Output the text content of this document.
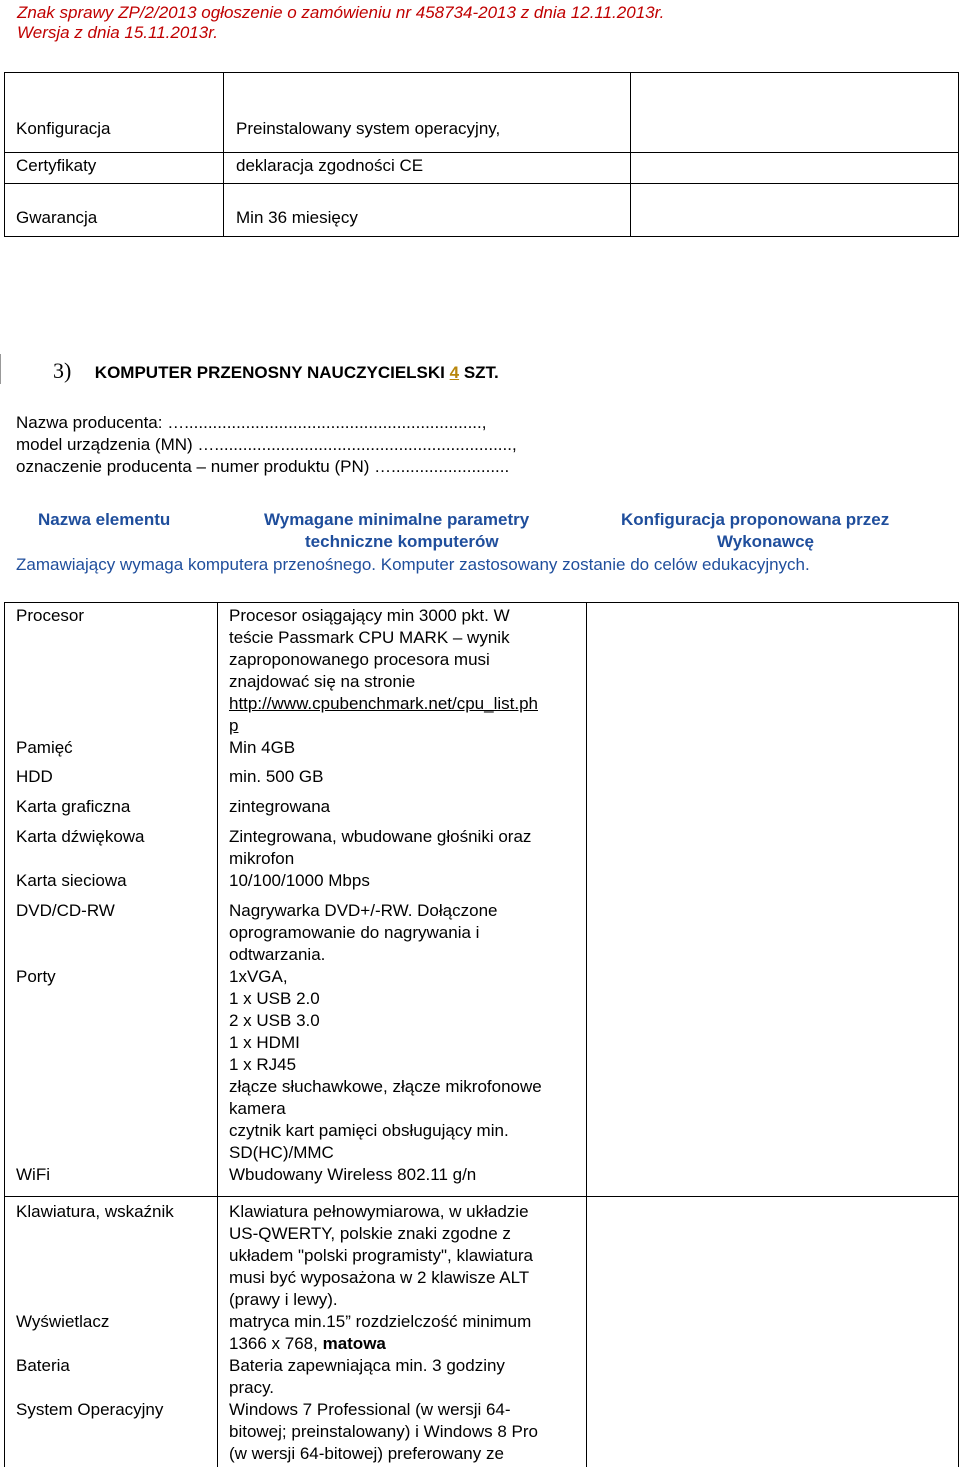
Znak sprawy ZP/2/2013 ogłoszenie o zamówieniu nr 458734-2013 z dnia 12.11.2013r.
Wersja z dnia 15.11.2013r.
Konfiguracja	Preinstalowany system operacyjny,
Certyfikaty	deklaracja zgodności CE
Gwarancja	Min 36 miesięcy
3) KOMPUTER PRZENOSNY NAUCZYCIELSKI 4 SZT.
Nazwa producenta: …...............................................................,
model urządzenia (MN) …...............................................................,
oznaczenie producenta – numer produktu (PN) ….........................
Nazwa elementu	Wymagane minimalne parametry
techniczne komputerów
Konfiguracja proponowana przez
Wykonawcę
Zamawiający wymaga komputera przenośnego. Komputer zastosowany zostanie do celów edukacyjnych.
Procesor	Procesor osiągający min 3000 pkt. W
teście Passmark CPU MARK – wynik
zaproponowanego procesora musi
znajdować się na stronie
http://www.cpubenchmark.net/cpu_list.ph
p
Pamięć	Min 4GB
HDD	min. 500 GB
Karta graficzna	zintegrowana
Karta dźwiękowa	Zintegrowana, wbudowane głośniki oraz
mikrofon
Karta sieciowa	10/100/1000 Mbps
DVD/CD-RW	Nagrywarka DVD+/-RW. Dołączone
oprogramowanie do nagrywania i
odtwarzania.
Porty	1xVGA,
1 x USB 2.0
2 x USB 3.0
1 x HDMI
1 x RJ45
złącze słuchawkowe, złącze mikrofonowe
kamera
czytnik kart pamięci obsługujący min.
SD(HC)/MMC
WiFi	Wbudowany Wireless 802.11 g/n
Klawiatura, wskaźnik	Klawiatura pełnowymiarowa, w układzie
US-QWERTY, polskie znaki zgodne z
układem "polski programisty", klawiatura
musi być wyposażona w 2 klawisze ALT
(prawy i lewy).
Wyświetlacz	matryca min.15” rozdzielczość minimum
1366 x 768, matowa
Bateria	Bateria zapewniająca min. 3 godziny
pracy.
System Operacyjny	Windows 7 Professional (w wersji 64-
bitowej; preinstalowany) i Windows 8 Pro
(w wersji 64-bitowej) preferowany ze
